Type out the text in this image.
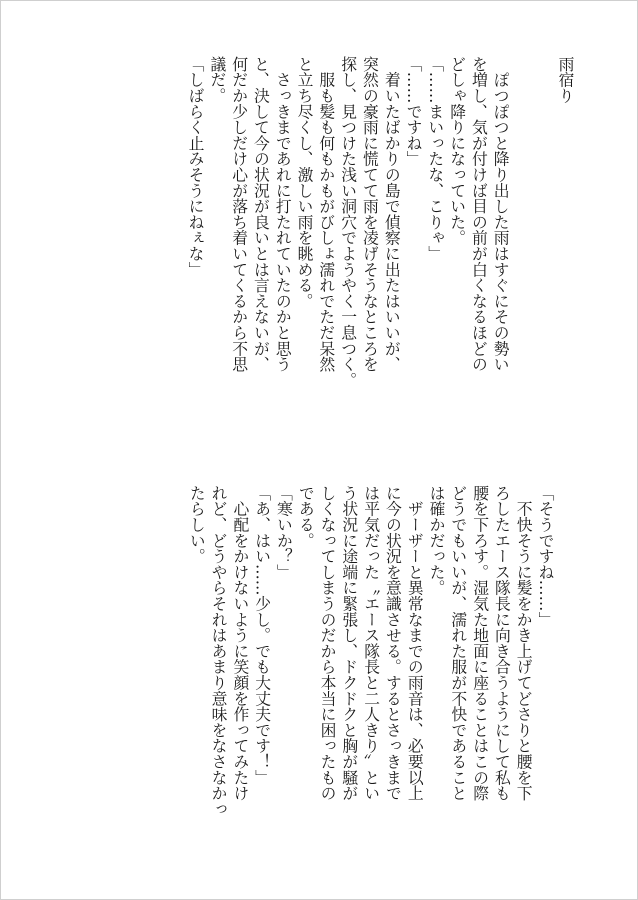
雨宿り
　ぽつぽつと降り出した雨はすぐにその勢い
を増し、気が付けば目の前が白くなるほどの
どしゃ降りになっていた。
「……まいったな、こりゃ」
「……ですね」
　着いたばかりの島で偵察に出たはいいが、
突然の豪雨に慌てて雨を凌げそうなところを
探し、見つけた浅い洞穴でようやく一息つく。
　服も髪も何もかもがびしょ濡れでただ呆然
と立ち尽くし、激しい雨を眺める。
　さっきまであれに打たれていたのかと思う
と、決して今の状況が良いとは言えないが、
何だか少しだけ心が落ち着いてくるから不思
議だ。
「しばらく止みそうにねぇな」
「そうですね……」
　不快そうに髪をかき上げてどさりと腰を下
ろしたエース隊長に向き合うようにして私も
腰を下ろす。湿気た地面に座ることはこの際
どうでもいいが、濡れた服が不快であること
は確かだった。
　ザーザーと異常なまでの雨音は、必要以上
に今の状況を意識させる。するとさっきまで
は平気だった〝エース隊長と二人きり〟とい
う状況に途端に緊張し、ドクドクと胸が騒が
しくなってしまうのだから本当に困ったもの
である。
「寒いか？」
「あ、はい……少し。でも大丈夫です！」
　心配をかけないように笑顔を作ってみたけ
れど、どうやらそれはあまり意味をなさなかっ
たらしい。
